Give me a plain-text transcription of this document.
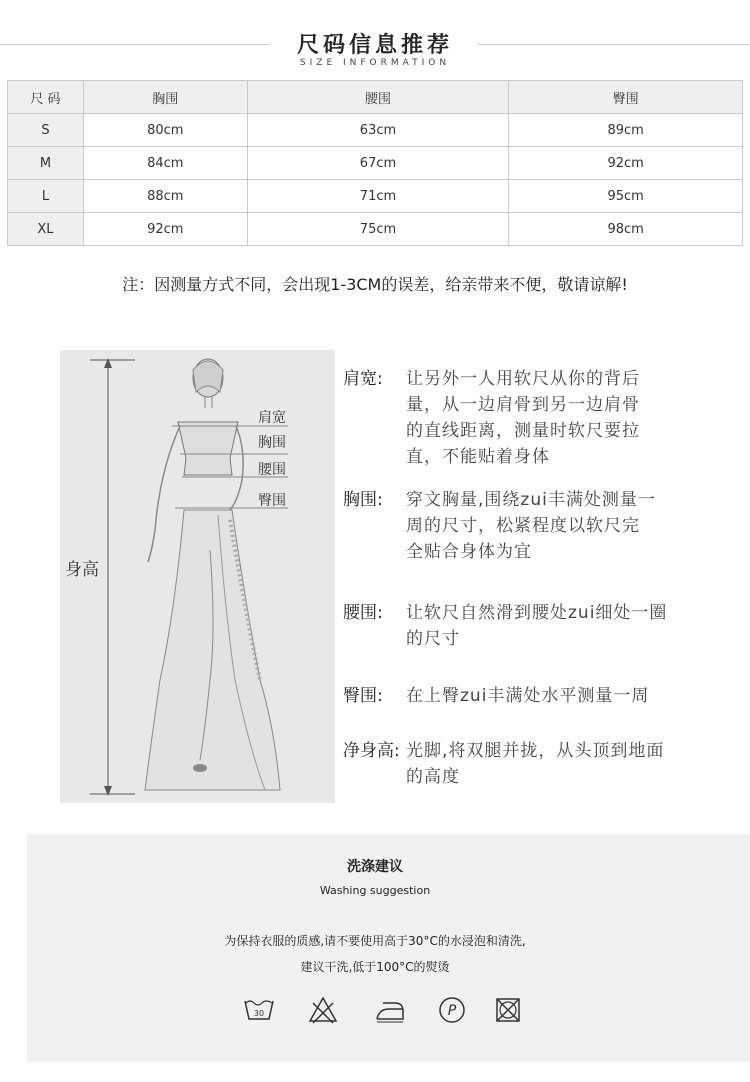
尺码信息推荐
SIZE INFORMATION
尺 码	胸围	腰围	臀围
S	80cm	63cm	89cm
M	84cm	67cm	92cm
L	88cm	71cm	95cm
XL	92cm	75cm	98cm
注：因测量方式不同，会出现1-3CM的误差，给亲带来不便，敬请谅解!
肩宽
胸围
腰围
臀围
身高
肩宽: 让另外一人用软尺从你的背后
量，从一边肩骨到另一边肩骨
的直线距离，测量时软尺要拉
直，不能贴着身体
胸围: 穿文胸量,围绕zui丰满处测量一
周的尺寸，松紧程度以软尺完
全贴合身体为宜
腰围: 让软尺自然滑到腰处zui细处一圈
的尺寸
臀围: 在上臀zui丰满处水平测量一周
净身高: 光脚,将双腿并拢，从头顶到地面
的高度
洗涤建议
Washing suggestion
为保持衣服的质感,请不要使用高于30°C的水浸泡和清洗,
建议干洗,低于100°C的熨烫
30	P
